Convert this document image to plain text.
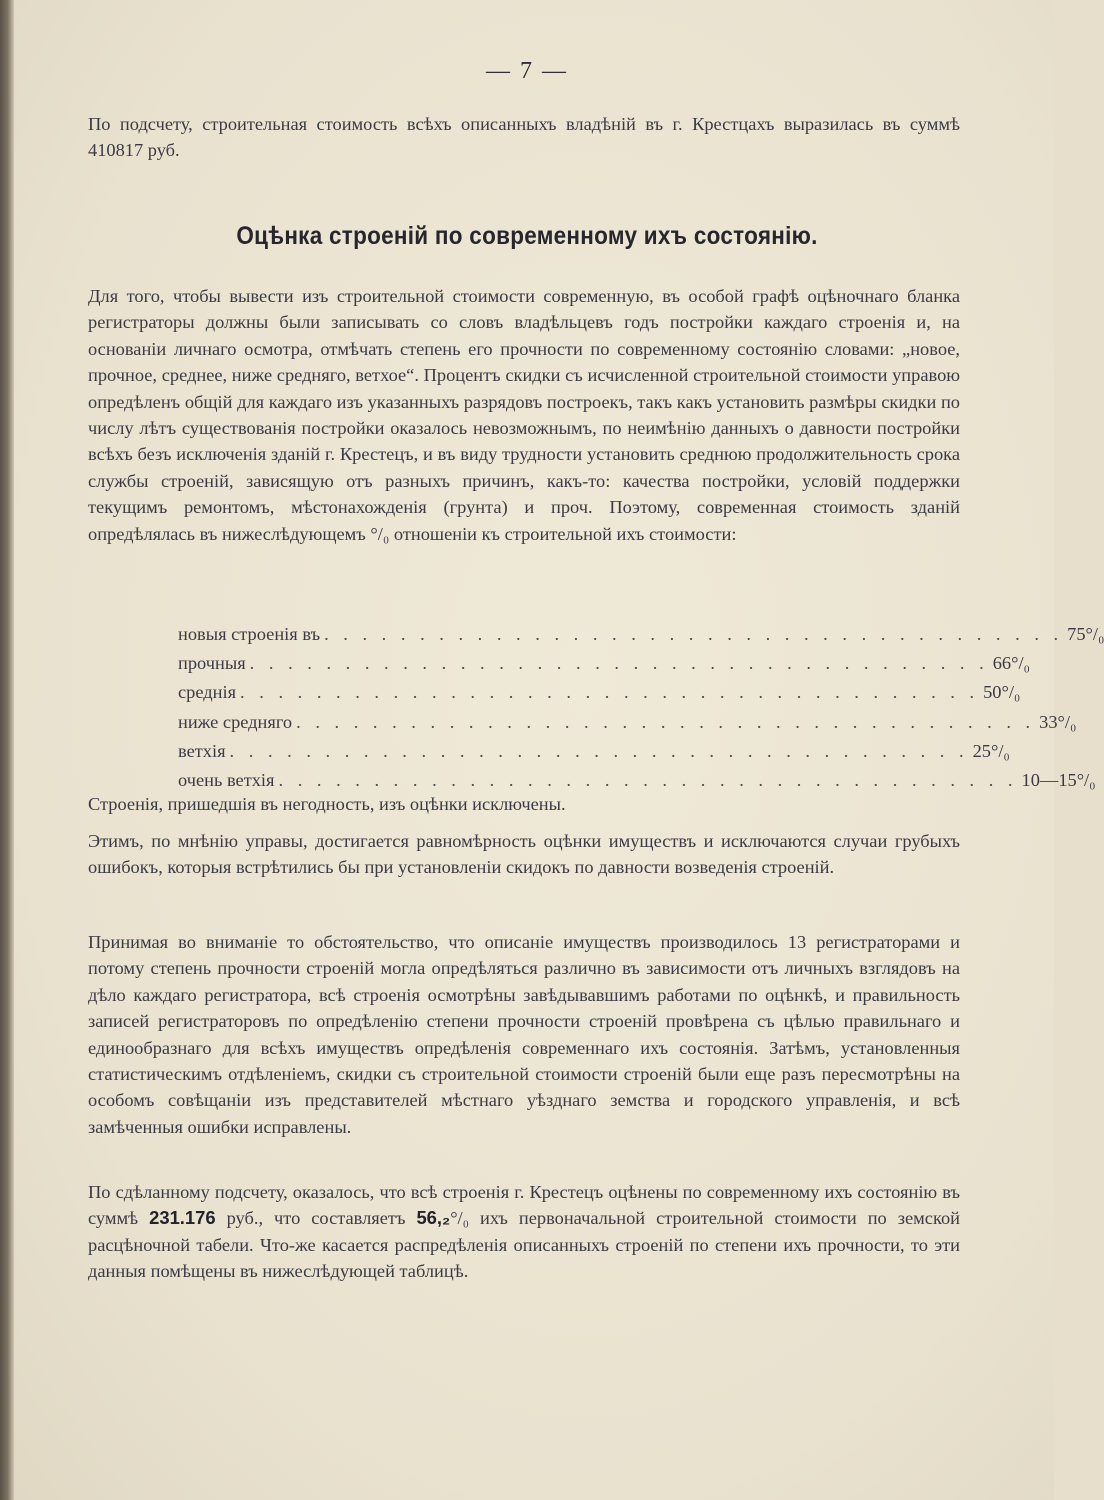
— 7 —

По подсчету, строительная стоимость всѣхъ описанныхъ владѣній въ г. Крестцахъ выразилась въ суммѣ 410817 руб.

Оцѣнка строеній по современному ихъ состоянію.

Для того, чтобы вывести изъ строительной стоимости современную, въ особой графѣ оцѣночнаго бланка регистраторы должны были записывать со словъ владѣльцевъ годъ постройки каждаго строенія и, на основаніи личнаго осмотра, отмѣчать степень его прочности по современному состоянію словами: „новое, прочное, среднее, ниже средняго, ветхое“. Процентъ скидки съ исчисленной строительной стоимости управою опредѣленъ общій для каждаго изъ указанныхъ разрядовъ построекъ, такъ какъ установить размѣры скидки по числу лѣтъ существованія постройки оказалось невозможнымъ, по неимѣнію данныхъ о давности постройки всѣхъ безъ исключенія зданій г. Крестецъ, и въ виду трудности установить среднюю продолжительность срока службы строеній, зависящую отъ разныхъ причинъ, какъ-то: качества постройки, условій поддержки текущимъ ремонтомъ, мѣстонахожденія (грунта) и проч. Поэтому, современная стоимость зданій опредѣлялась въ нижеслѣдующемъ °/₀ отношеніи къ строительной ихъ стоимости:

новыя строенія въ . . . . . . . . . . . . . . . . . . . . . . . . . . . . . . . . . . . . . . . 75°/₀
прочныя . . . . . . . . . . . . . . . . . . . . . . . . . . . . . . . . . . . . . . . 66°/₀
среднія . . . . . . . . . . . . . . . . . . . . . . . . . . . . . . . . . . . . . . . 50°/₀
ниже средняго . . . . . . . . . . . . . . . . . . . . . . . . . . . . . . . . . . . . . . . 33°/₀
ветхія . . . . . . . . . . . . . . . . . . . . . . . . . . . . . . . . . . . . . . . 25°/₀
очень ветхія . . . . . . . . . . . . . . . . . . . . . . . . . . . . . . . . . . . . . . . 10—15°/₀

Строенія, пришедшія въ негодность, изъ оцѣнки исключены.

Этимъ, по мнѣнію управы, достигается равномѣрность оцѣнки имуществъ и исключаются случаи грубыхъ ошибокъ, которыя встрѣтились бы при установленіи скидокъ по давности возведенія строеній.

Принимая во вниманіе то обстоятельство, что описаніе имуществъ производилось 13 регистраторами и потому степень прочности строеній могла опредѣляться различно въ зависимости отъ личныхъ взглядовъ на дѣло каждаго регистратора, всѣ строенія осмотрѣны завѣдывавшимъ работами по оцѣнкѣ, и правильность записей регистраторовъ по опредѣленію степени прочности строеній провѣрена съ цѣлью правильнаго и единообразнаго для всѣхъ имуществъ опредѣленія современнаго ихъ состоянія. Затѣмъ, установленныя статистическимъ отдѣленіемъ, скидки съ строительной стоимости строеній были еще разъ пересмотрѣны на особомъ совѣщаніи изъ представителей мѣстнаго уѣзднаго земства и городского управленія, и всѣ замѣченныя ошибки исправлены.

По сдѣланному подсчету, оказалось, что всѣ строенія г. Крестецъ оцѣнены по современному ихъ состоянію въ суммѣ 231.176 руб., что составляетъ 56,₂°/₀ ихъ первоначальной строительной стоимости по земской расцѣночной табели. Что-же касается распредѣленія описанныхъ строеній по степени ихъ прочности, то эти данныя помѣщены въ нижеслѣдующей таблицѣ.
